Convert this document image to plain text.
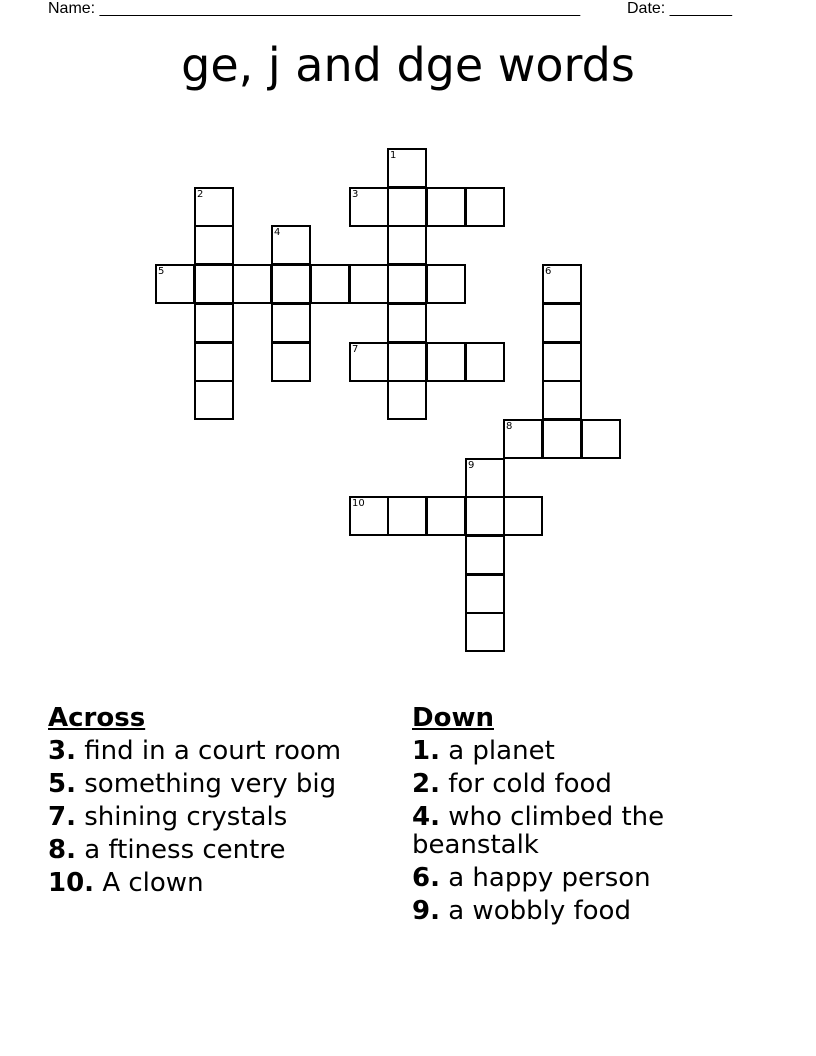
Name: ______________________________________________________	Date: _______
ge, j and dge words
1
2	3
4
5	6
7
8
9
10
Across
3. find in a court room
5. something very big
7. shining crystals
8. a ftiness centre
10. A clown
Down
1. a planet
2. for cold food
4. who climbed the beanstalk
6. a happy person
9. a wobbly food
